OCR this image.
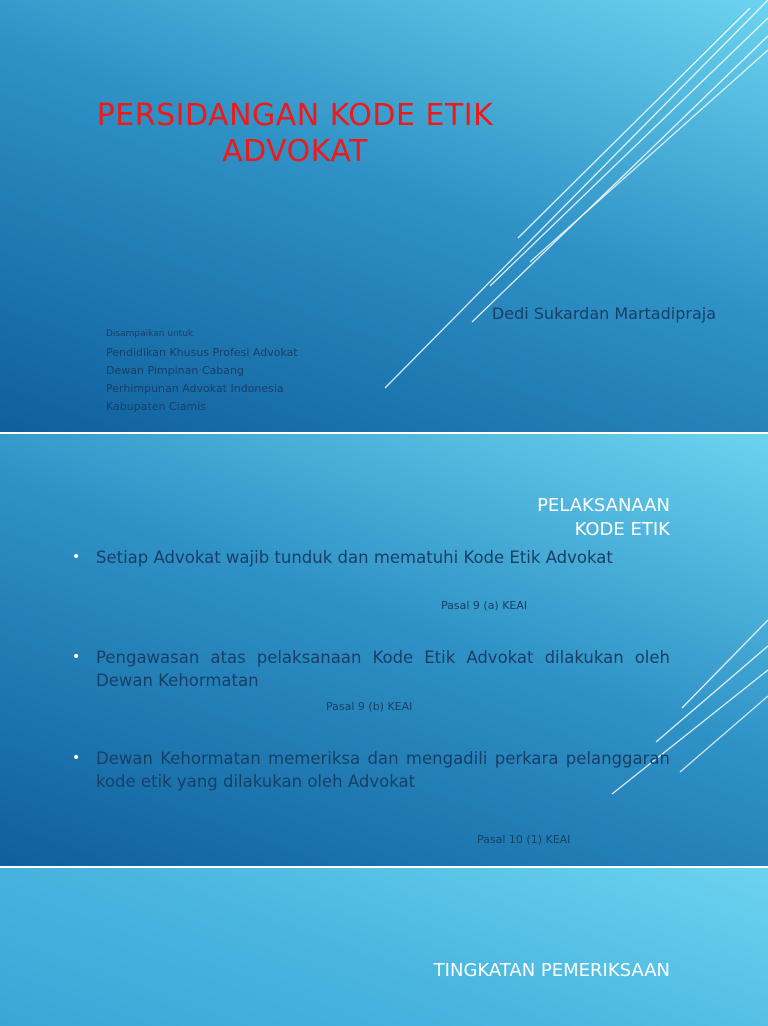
PERSIDANGAN KODE ETIK
ADVOKAT
Dedi Sukardan Martadipraja
Disampaikan untuk
Pendidikan Khusus Profesi Advokat
Dewan Pimpinan Cabang
Perhimpunan Advokat Indonesia
Kabupaten Ciamis
PELAKSANAAN
KODE ETIK
• Setiap Advokat wajib tunduk dan mematuhi Kode Etik Advokat
• Pengawasan atas pelaksanaan Kode Etik Advokat dilakukan oleh Dewan Kehormatan
• Dewan Kehormatan memeriksa dan mengadili perkara pelanggaran kode etik yang dilakukan oleh Advokat
Pasal 9 (a) KEAI
Pasal 9 (b) KEAI
Pasal 10 (1) KEAI
TINGKATAN PEMERIKSAAN
